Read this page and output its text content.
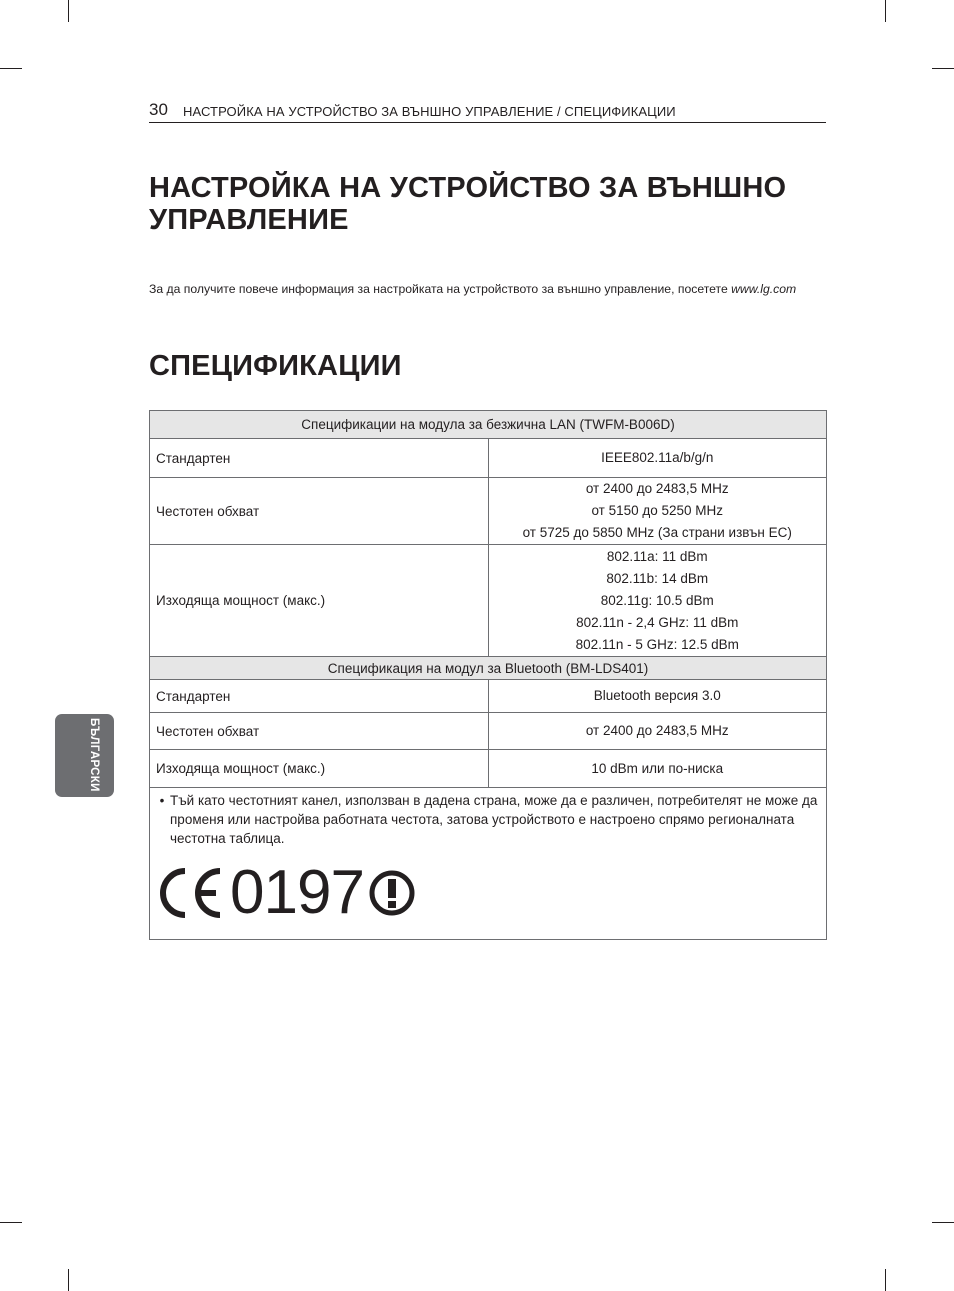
30 НАСТРОЙКА НА УСТРОЙСТВО ЗА ВЪНШНО УПРАВЛЕНИЕ / СПЕЦИФИКАЦИИ
НАСТРОЙКА НА УСТРОЙСТВО ЗА ВЪНШНО
УПРАВЛЕНИЕ
За да получите повече информация за настройката на устройството за външно управление, посетете www.lg.com
СПЕЦИФИКАЦИИ
Спецификации на модула за безжична LAN (TWFM-B006D)	
Стандартен	IEEE802.11a/b/g/n

Честотен обхват	от 2400 до 2483,5 MHz
от 5150 до 5250 MHz
от 5725 до 5850 MHz (За страни извън ЕС)

Изходяща мощност (макс.)	802.11a: 11 dBm
802.11b: 14 dBm
802.11g: 10.5 dBm
802.11n - 2,4 GHz: 11 dBm
802.11n - 5 GHz: 12.5 dBm

Спецификация на модул за Bluetooth (BM-LDS401)	
Стандартен	Bluetooth версия 3.0

Честотен обхват	от 2400 до 2483,5 MHz

Изходяща мощност (макс.)	10 dBm или по-ниска

• Тъй като честотният канел, използван в дадена страна, може да е различен, потребителят не може да променя или настройва работната честота, затова устройството е настроено спрямо регионалната честотна таблица.
0197	
БЪЛГАРСКИ
